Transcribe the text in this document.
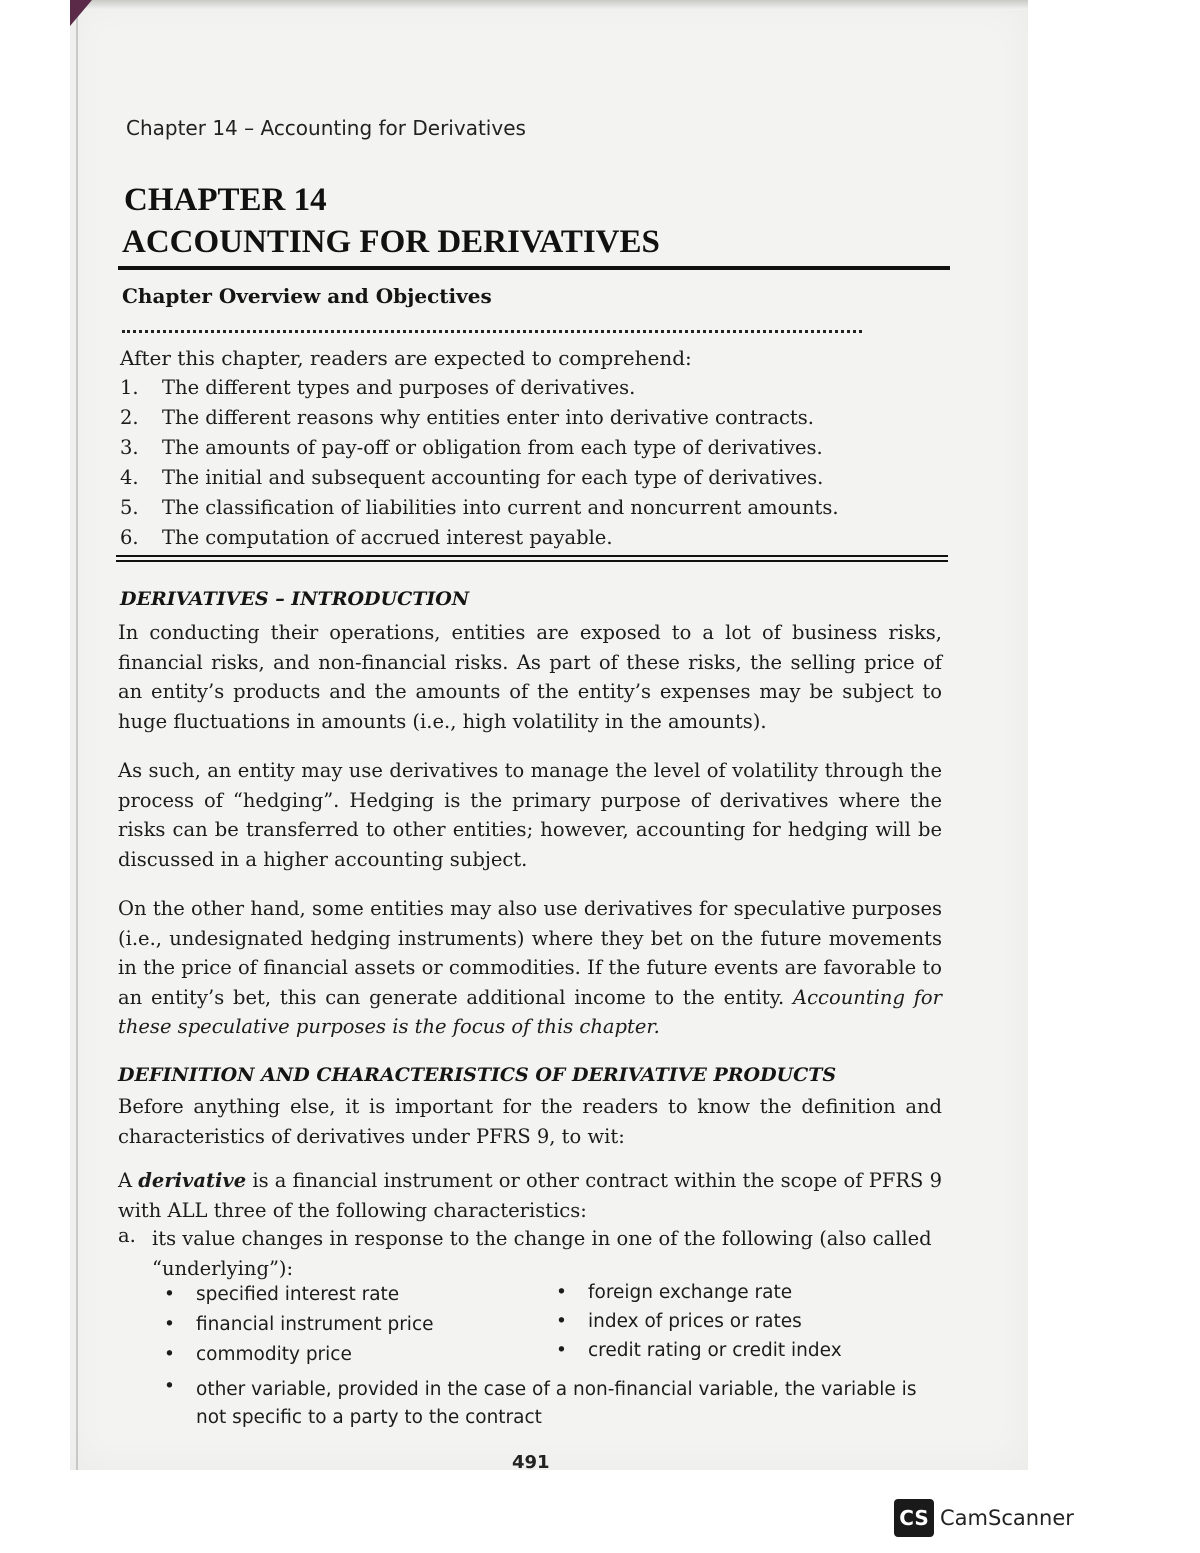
Chapter 14 – Accounting for Derivatives
CHAPTER 14
ACCOUNTING FOR DERIVATIVES
Chapter Overview and Objectives
After this chapter, readers are expected to comprehend:
1. The different types and purposes of derivatives.
2. The different reasons why entities enter into derivative contracts.
3. The amounts of pay-off or obligation from each type of derivatives.
4. The initial and subsequent accounting for each type of derivatives.
5. The classification of liabilities into current and noncurrent amounts.
6. The computation of accrued interest payable.
DERIVATIVES – INTRODUCTION
In conducting their operations, entities are exposed to a lot of business risks, financial risks, and non-financial risks. As part of these risks, the selling price of an entity’s products and the amounts of the entity’s expenses may be subject to huge fluctuations in amounts (i.e., high volatility in the amounts).
As such, an entity may use derivatives to manage the level of volatility through the process of “hedging”. Hedging is the primary purpose of derivatives where the risks can be transferred to other entities; however, accounting for hedging will be discussed in a higher accounting subject.
On the other hand, some entities may also use derivatives for speculative purposes (i.e., undesignated hedging instruments) where they bet on the future movements in the price of financial assets or commodities. If the future events are favorable to an entity’s bet, this can generate additional income to the entity. Accounting for these speculative purposes is the focus of this chapter.
DEFINITION AND CHARACTERISTICS OF DERIVATIVE PRODUCTS
Before anything else, it is important for the readers to know the definition and characteristics of derivatives under PFRS 9, to wit:
A derivative is a financial instrument or other contract within the scope of PFRS 9 with ALL three of the following characteristics:
a. its value changes in response to the change in one of the following (also called “underlying”):
• specified interest rate
• financial instrument price
• commodity price
• foreign exchange rate
• index of prices or rates
• credit rating or credit index
• other variable, provided in the case of a non-financial variable, the variable is not specific to a party to the contract
491
CS CamScanner
